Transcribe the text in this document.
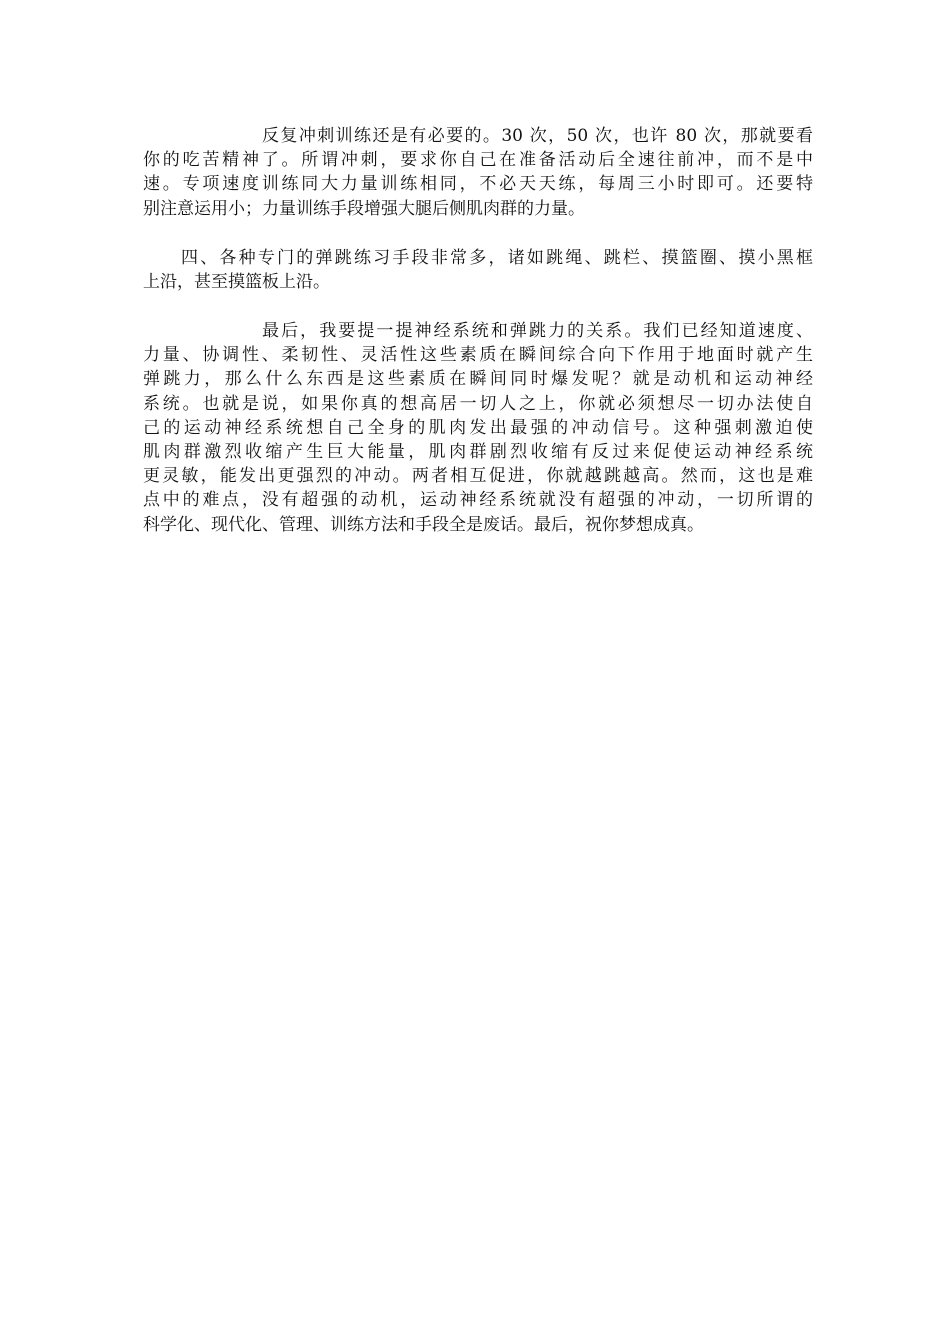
反复冲刺训练还是有必要的。30 次，50 次，也许 80 次，那就要看
你的吃苦精神了。所谓冲刺，要求你自己在准备活动后全速往前冲，而不是中
速。专项速度训练同大力量训练相同，不必天天练，每周三小时即可。还要特
别注意运用小；力量训练手段增强大腿后侧肌肉群的力量。

四、各种专门的弹跳练习手段非常多，诸如跳绳、跳栏、摸篮圈、摸小黑框
上沿，甚至摸篮板上沿。

最后，我要提一提神经系统和弹跳力的关系。我们已经知道速度、
力量、协调性、柔韧性、灵活性这些素质在瞬间综合向下作用于地面时就产生
弹跳力，那么什么东西是这些素质在瞬间同时爆发呢？就是动机和运动神经
系统。也就是说，如果你真的想高居一切人之上，你就必须想尽一切办法使自
己的运动神经系统想自己全身的肌肉发出最强的冲动信号。这种强刺激迫使
肌肉群激烈收缩产生巨大能量，肌肉群剧烈收缩有反过来促使运动神经系统
更灵敏，能发出更强烈的冲动。两者相互促进，你就越跳越高。然而，这也是难
点中的难点，没有超强的动机，运动神经系统就没有超强的冲动，一切所谓的
科学化、现代化、管理、训练方法和手段全是废话。最后，祝你梦想成真。
